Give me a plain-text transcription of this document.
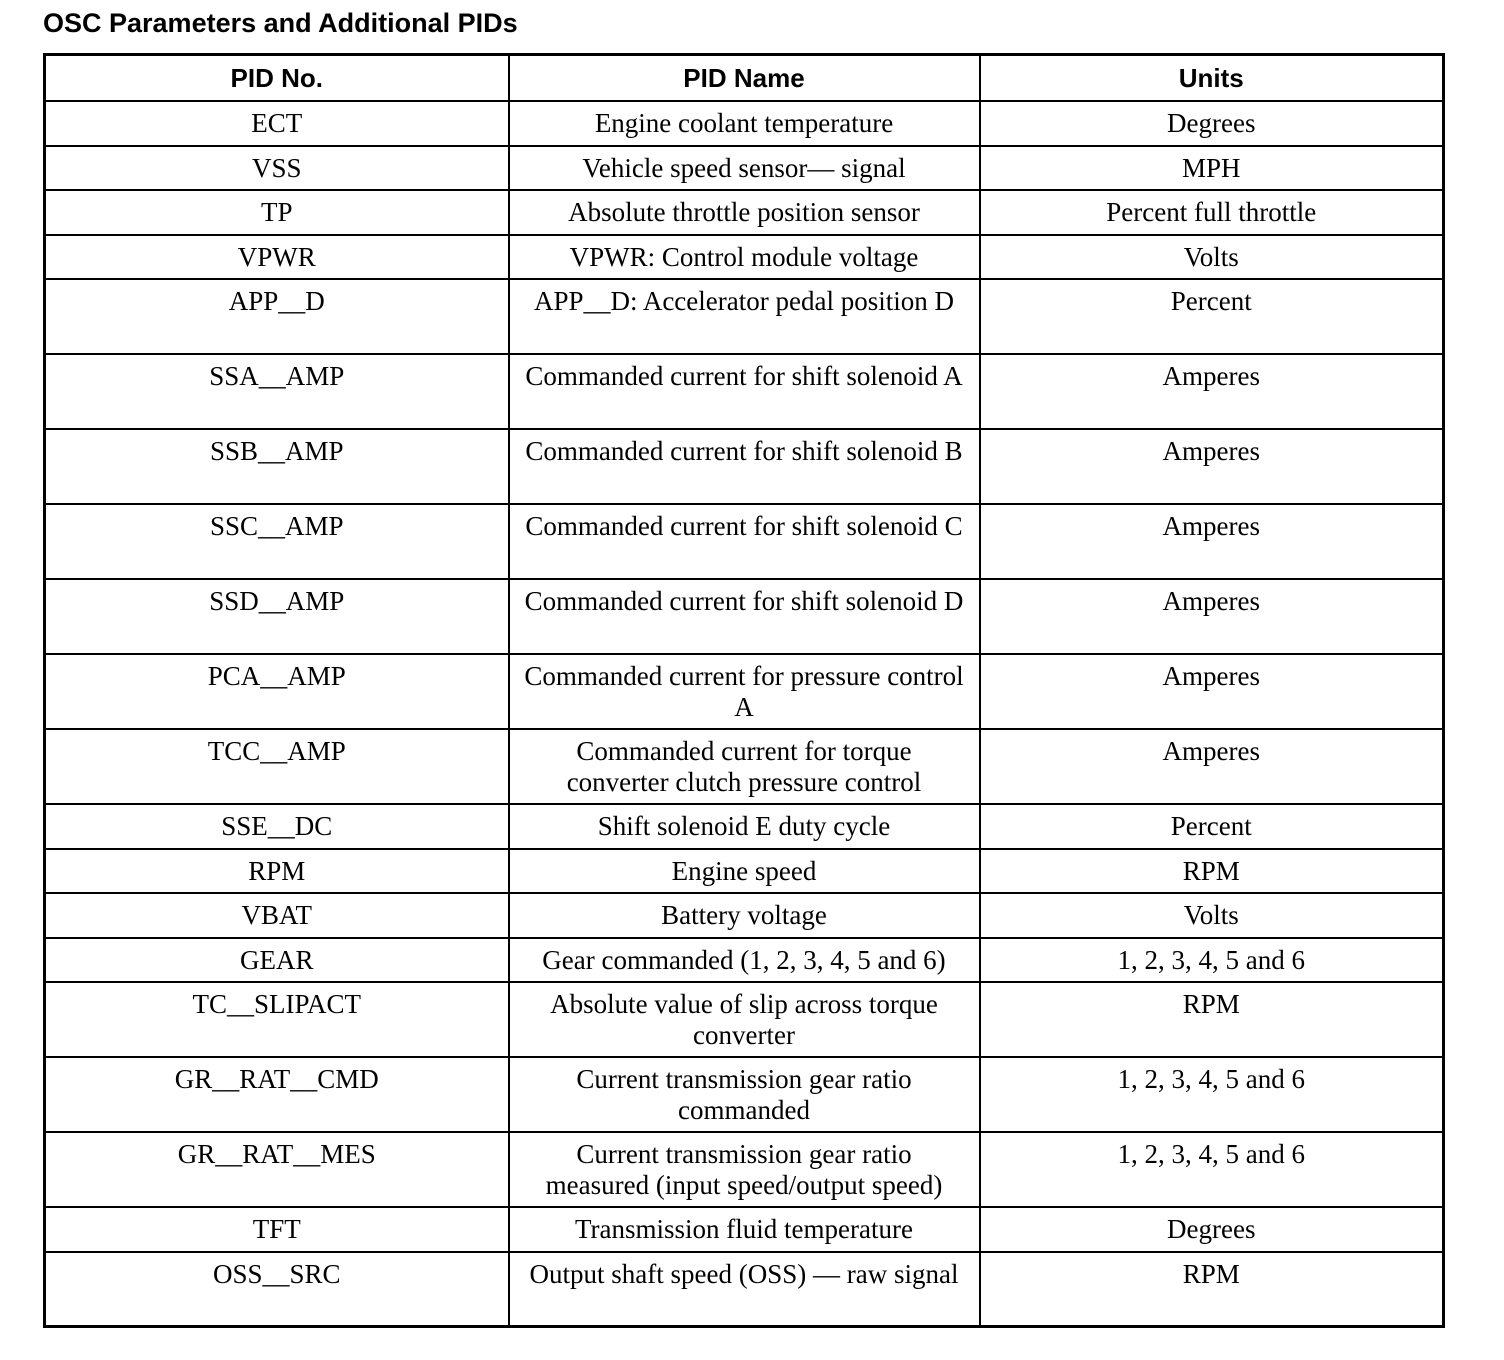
OSC Parameters and Additional PIDs
PID No.	PID Name	Units
ECT	Engine coolant temperature	Degrees
VSS	Vehicle speed sensor— signal	MPH
TP	Absolute throttle position sensor	Percent full throttle
VPWR	VPWR: Control module voltage	Volts
APP__D	APP__D: Accelerator pedal position D	Percent
SSA__AMP	Commanded current for shift solenoid A	Amperes
SSB__AMP	Commanded current for shift solenoid B	Amperes
SSC__AMP	Commanded current for shift solenoid C	Amperes
SSD__AMP	Commanded current for shift solenoid D	Amperes
PCA__AMP	Commanded current for pressure control A	Amperes
TCC__AMP	Commanded current for torque converter clutch pressure control	Amperes
SSE__DC	Shift solenoid E duty cycle	Percent
RPM	Engine speed	RPM
VBAT	Battery voltage	Volts
GEAR	Gear commanded (1, 2, 3, 4, 5 and 6)	1, 2, 3, 4, 5 and 6
TC__SLIPACT	Absolute value of slip across torque converter	RPM
GR__RAT__CMD	Current transmission gear ratio commanded	1, 2, 3, 4, 5 and 6
GR__RAT__MES	Current transmission gear ratio measured (input speed/output speed)	1, 2, 3, 4, 5 and 6
TFT	Transmission fluid temperature	Degrees
OSS__SRC	Output shaft speed (OSS) — raw signal	RPM
